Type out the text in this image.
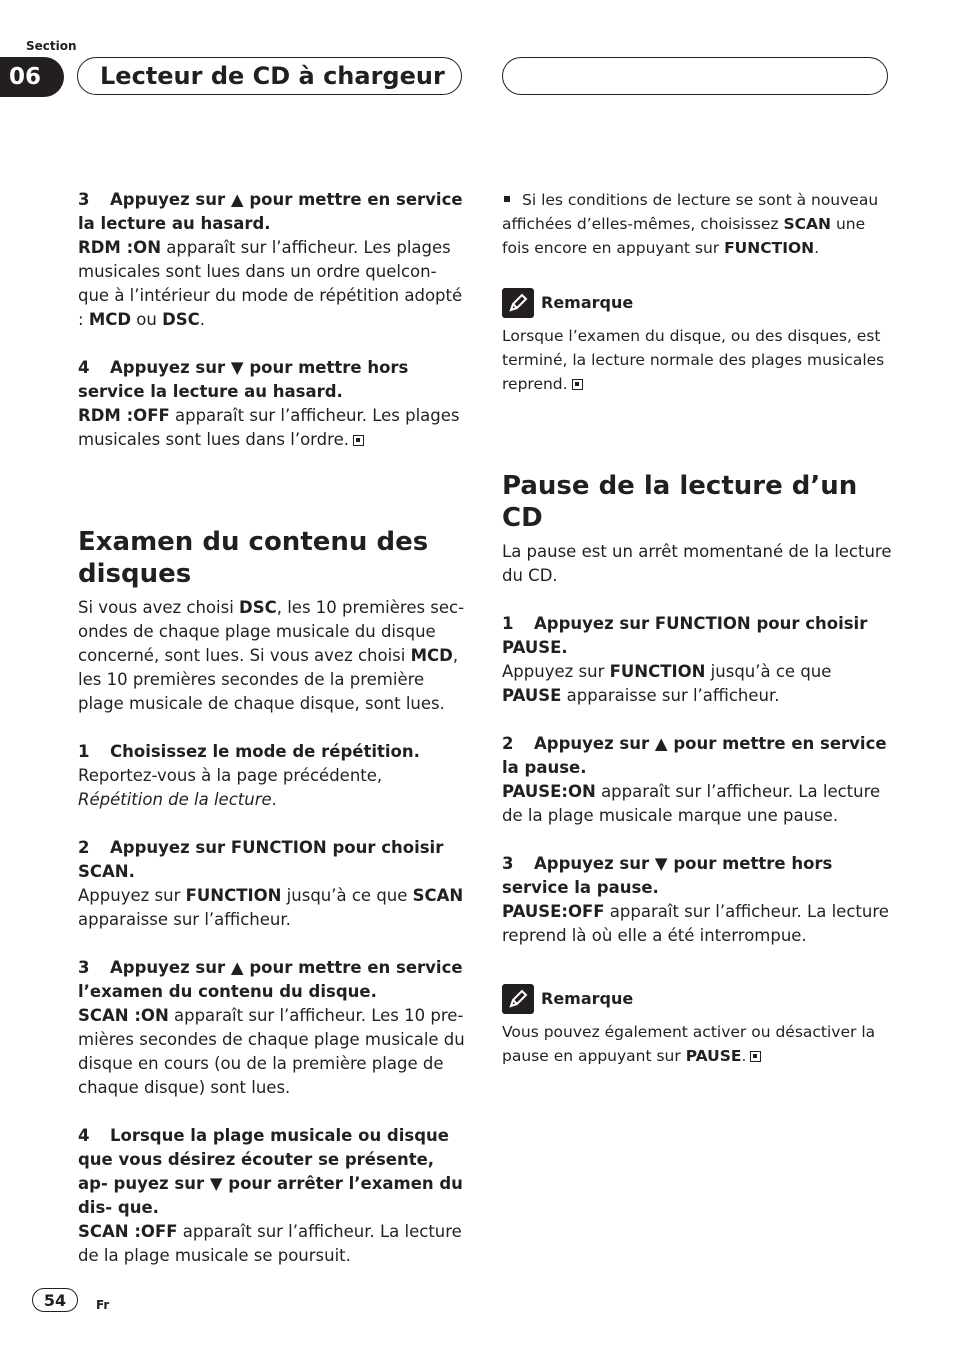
Section
06	Lecteur de CD à chargeur

3 Appuyez sur ▲ pour mettre en service la lecture au hasard.

RDM :ON apparaît sur l’afficheur. Les plages musicales sont lues dans un ordre quelcon- que à l’intérieur du mode de répétition adopté : MCD ou DSC.

4 Appuyez sur ▼ pour mettre hors service la lecture au hasard.

RDM :OFF apparaît sur l’afficheur. Les plages musicales sont lues dans l’ordre.

Examen du contenu des disques

Si vous avez choisi DSC, les 10 premières sec- ondes de chaque plage musicale du disque concerné, sont lues. Si vous avez choisi MCD, les 10 premières secondes de la première plage musicale de chaque disque, sont lues.

1 Choisissez le mode de répétition.

Reportez-vous à la page précédente, Répétition de la lecture.

2 Appuyez sur FUNCTION pour choisir SCAN.

Appuyez sur FUNCTION jusqu’à ce que SCAN apparaisse sur l’afficheur.

3 Appuyez sur ▲ pour mettre en service l’examen du contenu du disque.

SCAN :ON apparaît sur l’afficheur. Les 10 pre- mières secondes de chaque plage musicale du disque en cours (ou de la première plage de chaque disque) sont lues.

4 Lorsque la plage musicale ou disque que vous désirez écouter se présente, ap- puyez sur ▼ pour arrêter l’examen du dis- que.

SCAN :OFF apparaît sur l’afficheur. La lecture de la plage musicale se poursuit.

Si les conditions de lecture se sont à nouveau affichées d’elles-mêmes, choisissez SCAN une fois encore en appuyant sur FUNCTION.

Remarque

Lorsque l’examen du disque, ou des disques, est terminé, la lecture normale des plages musicales reprend.

Pause de la lecture d’un CD

La pause est un arrêt momentané de la lecture du CD.

1 Appuyez sur FUNCTION pour choisir PAUSE.

Appuyez sur FUNCTION jusqu’à ce que PAUSE apparaisse sur l’afficheur.

2 Appuyez sur ▲ pour mettre en service la pause.

PAUSE:ON apparaît sur l’afficheur. La lecture de la plage musicale marque une pause.

3 Appuyez sur ▼ pour mettre hors service la pause.

PAUSE:OFF apparaît sur l’afficheur. La lecture reprend là où elle a été interrompue.

Remarque

Vous pouvez également activer ou désactiver la pause en appuyant sur PAUSE.

54	Fr
